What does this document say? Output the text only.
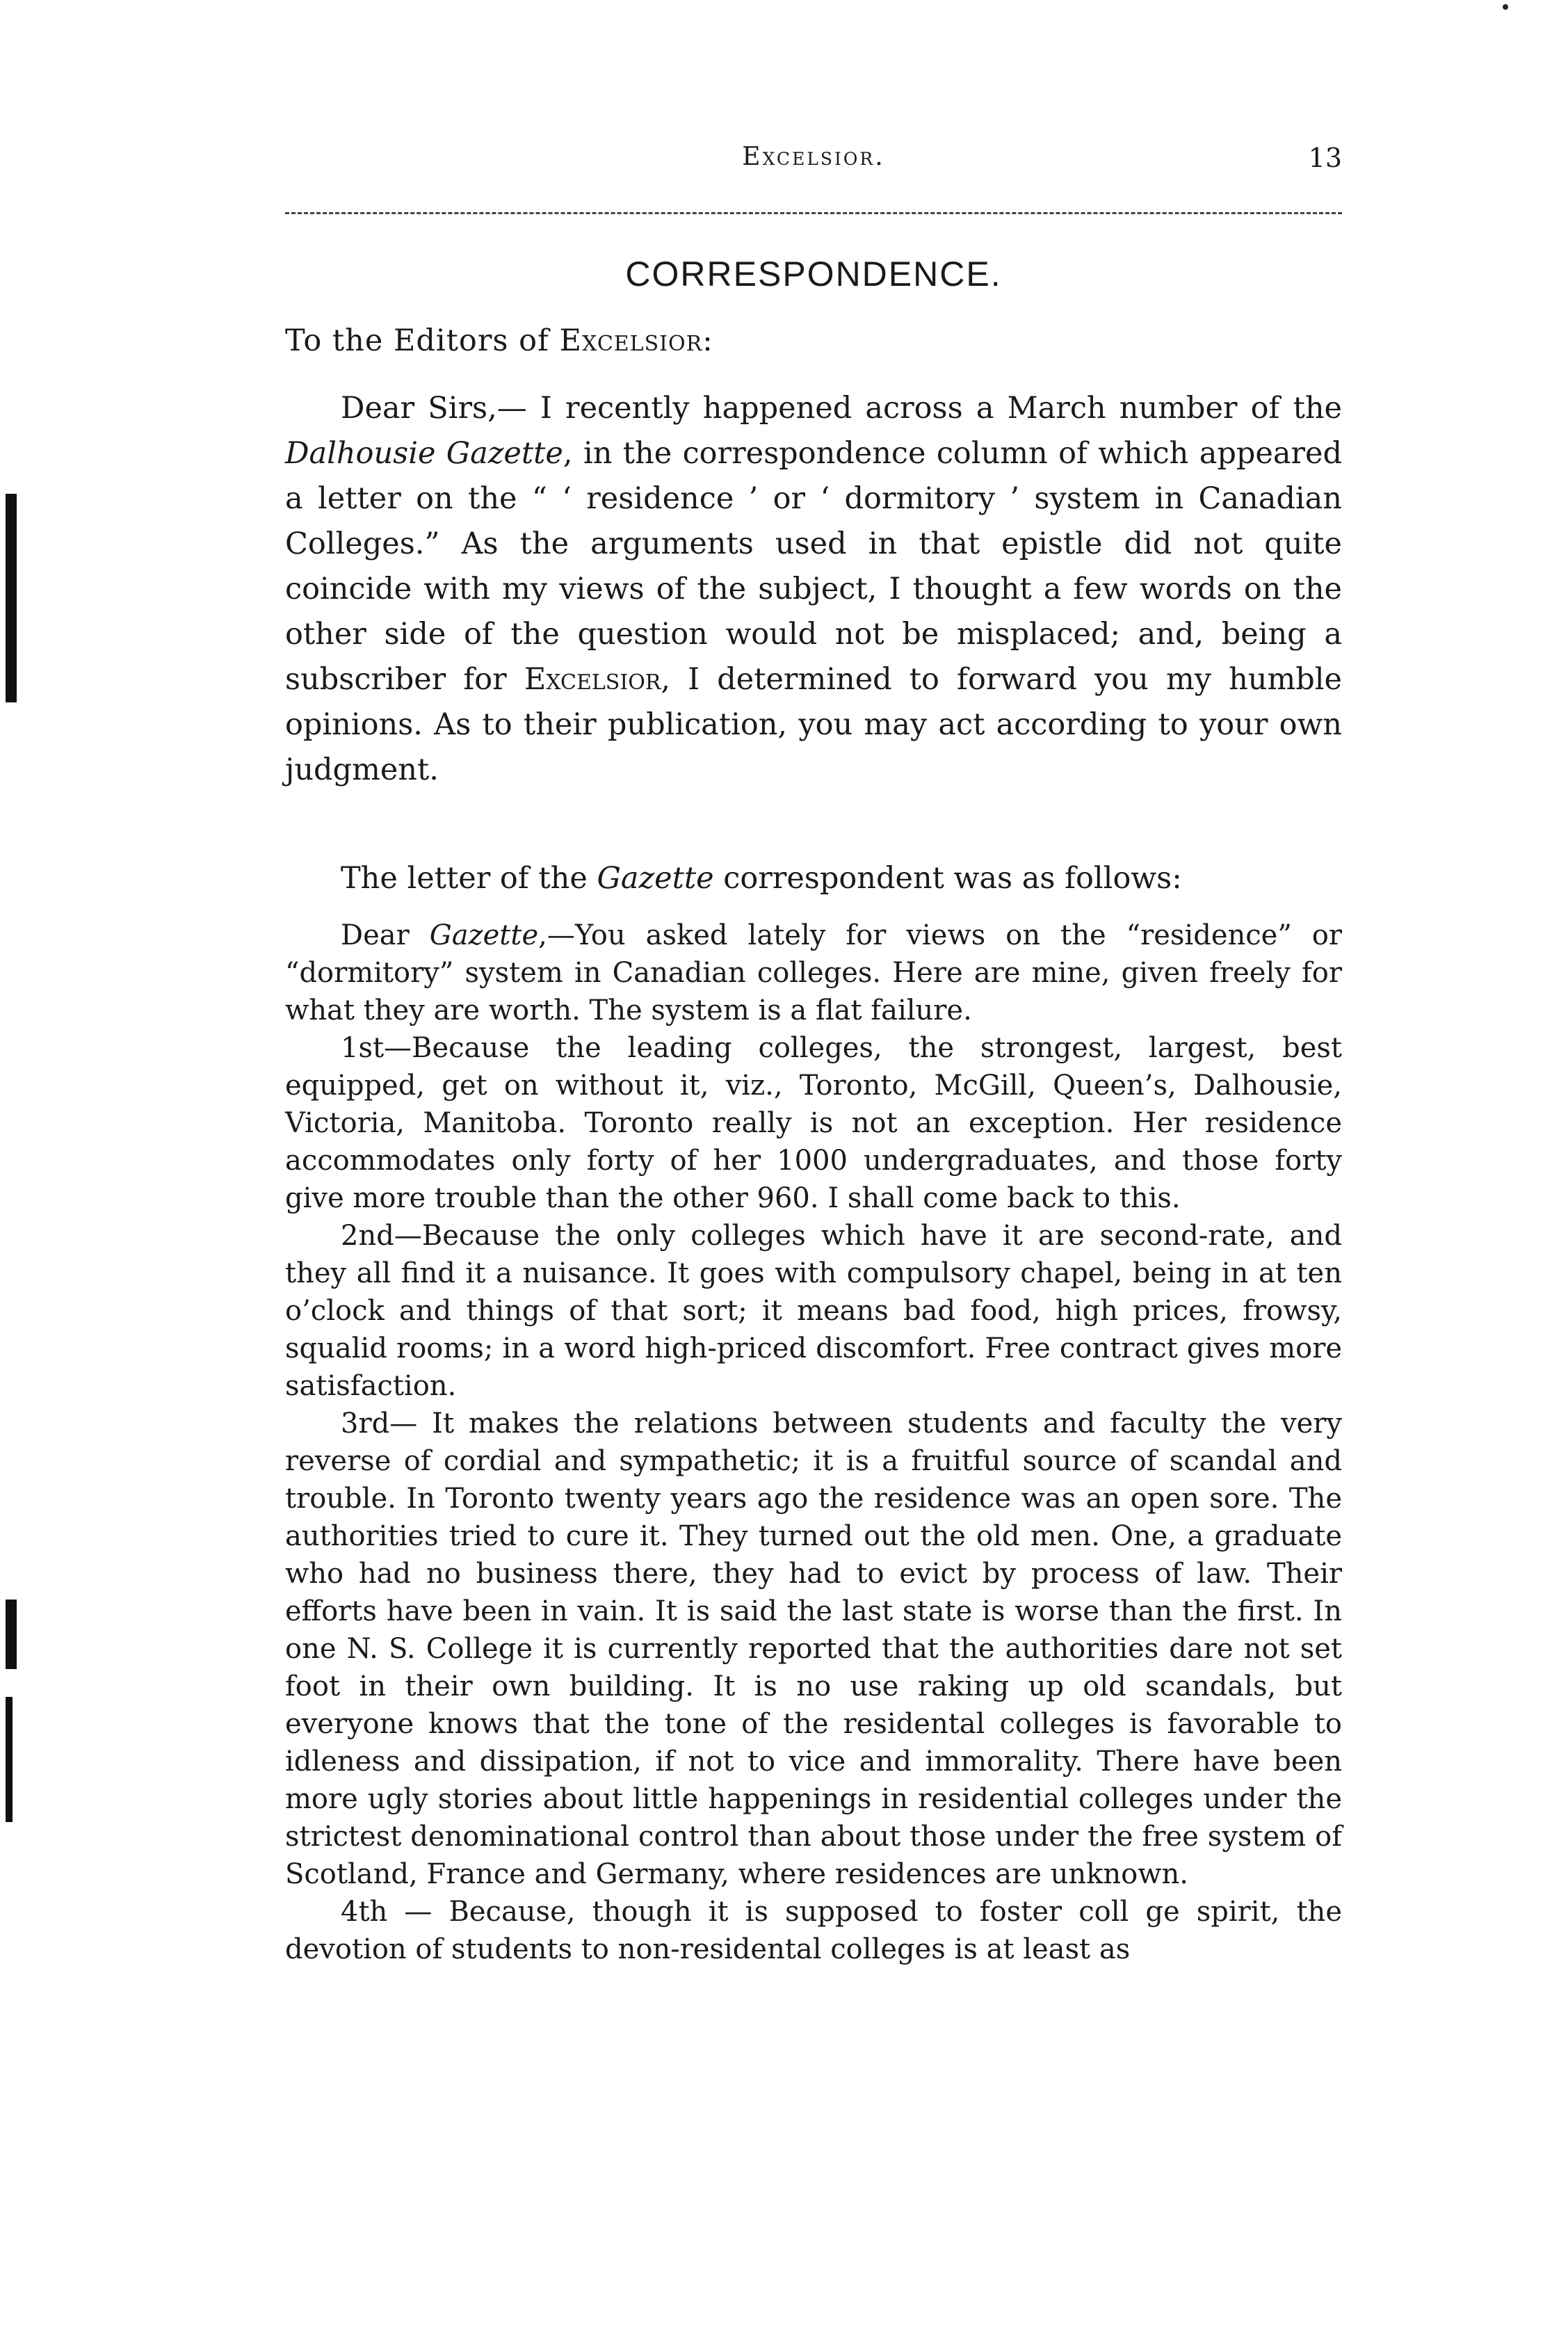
Excelsior.	13
CORRESPONDENCE.
To the Editors of Excelsior:

Dear Sirs,— I recently happened across a March number of the Dalhousie Gazette, in the correspondence column of which appeared a letter on the “ ‘ residence ’ or ‘ dormitory ’ system in Canadian Colleges.” As the arguments used in that epistle did not quite coincide with my views of the subject, I thought a few words on the other side of the question would not be misplaced; and, being a subscriber for Excelsior, I determined to forward you my humble opinions. As to their publication, you may act according to your own judgment.

The letter of the Gazette correspondent was as follows:

Dear Gazette,—You asked lately for views on the “residence” or “dormitory” system in Canadian colleges. Here are mine, given freely for what they are worth. The system is a flat failure.

1st—Because the leading colleges, the strongest, largest, best equipped, get on without it, viz., Toronto, McGill, Queen’s, Dalhousie, Victoria, Manitoba. Toronto really is not an exception. Her residence accommodates only forty of her 1000 undergraduates, and those forty give more trouble than the other 960. I shall come back to this.

2nd—Because the only colleges which have it are second-rate, and they all find it a nuisance. It goes with compulsory chapel, being in at ten o’clock and things of that sort; it means bad food, high prices, frowsy, squalid rooms; in a word high-priced discomfort. Free contract gives more satisfaction.

3rd— It makes the relations between students and faculty the very reverse of cordial and sympathetic; it is a fruitful source of scandal and trouble. In Toronto twenty years ago the residence was an open sore. The authorities tried to cure it. They turned out the old men. One, a graduate who had no business there, they had to evict by process of law. Their efforts have been in vain. It is said the last state is worse than the first. In one N. S. College it is currently reported that the authorities dare not set foot in their own building. It is no use raking up old scandals, but everyone knows that the tone of the residental colleges is favorable to idleness and dissipation, if not to vice and immorality. There have been more ugly stories about little happenings in residential colleges under the strictest denominational control than about those under the free system of Scotland, France and Germany, where residences are unknown.

4th — Because, though it is supposed to foster coll ge spirit, the devotion of students to non-residental colleges is at least as
